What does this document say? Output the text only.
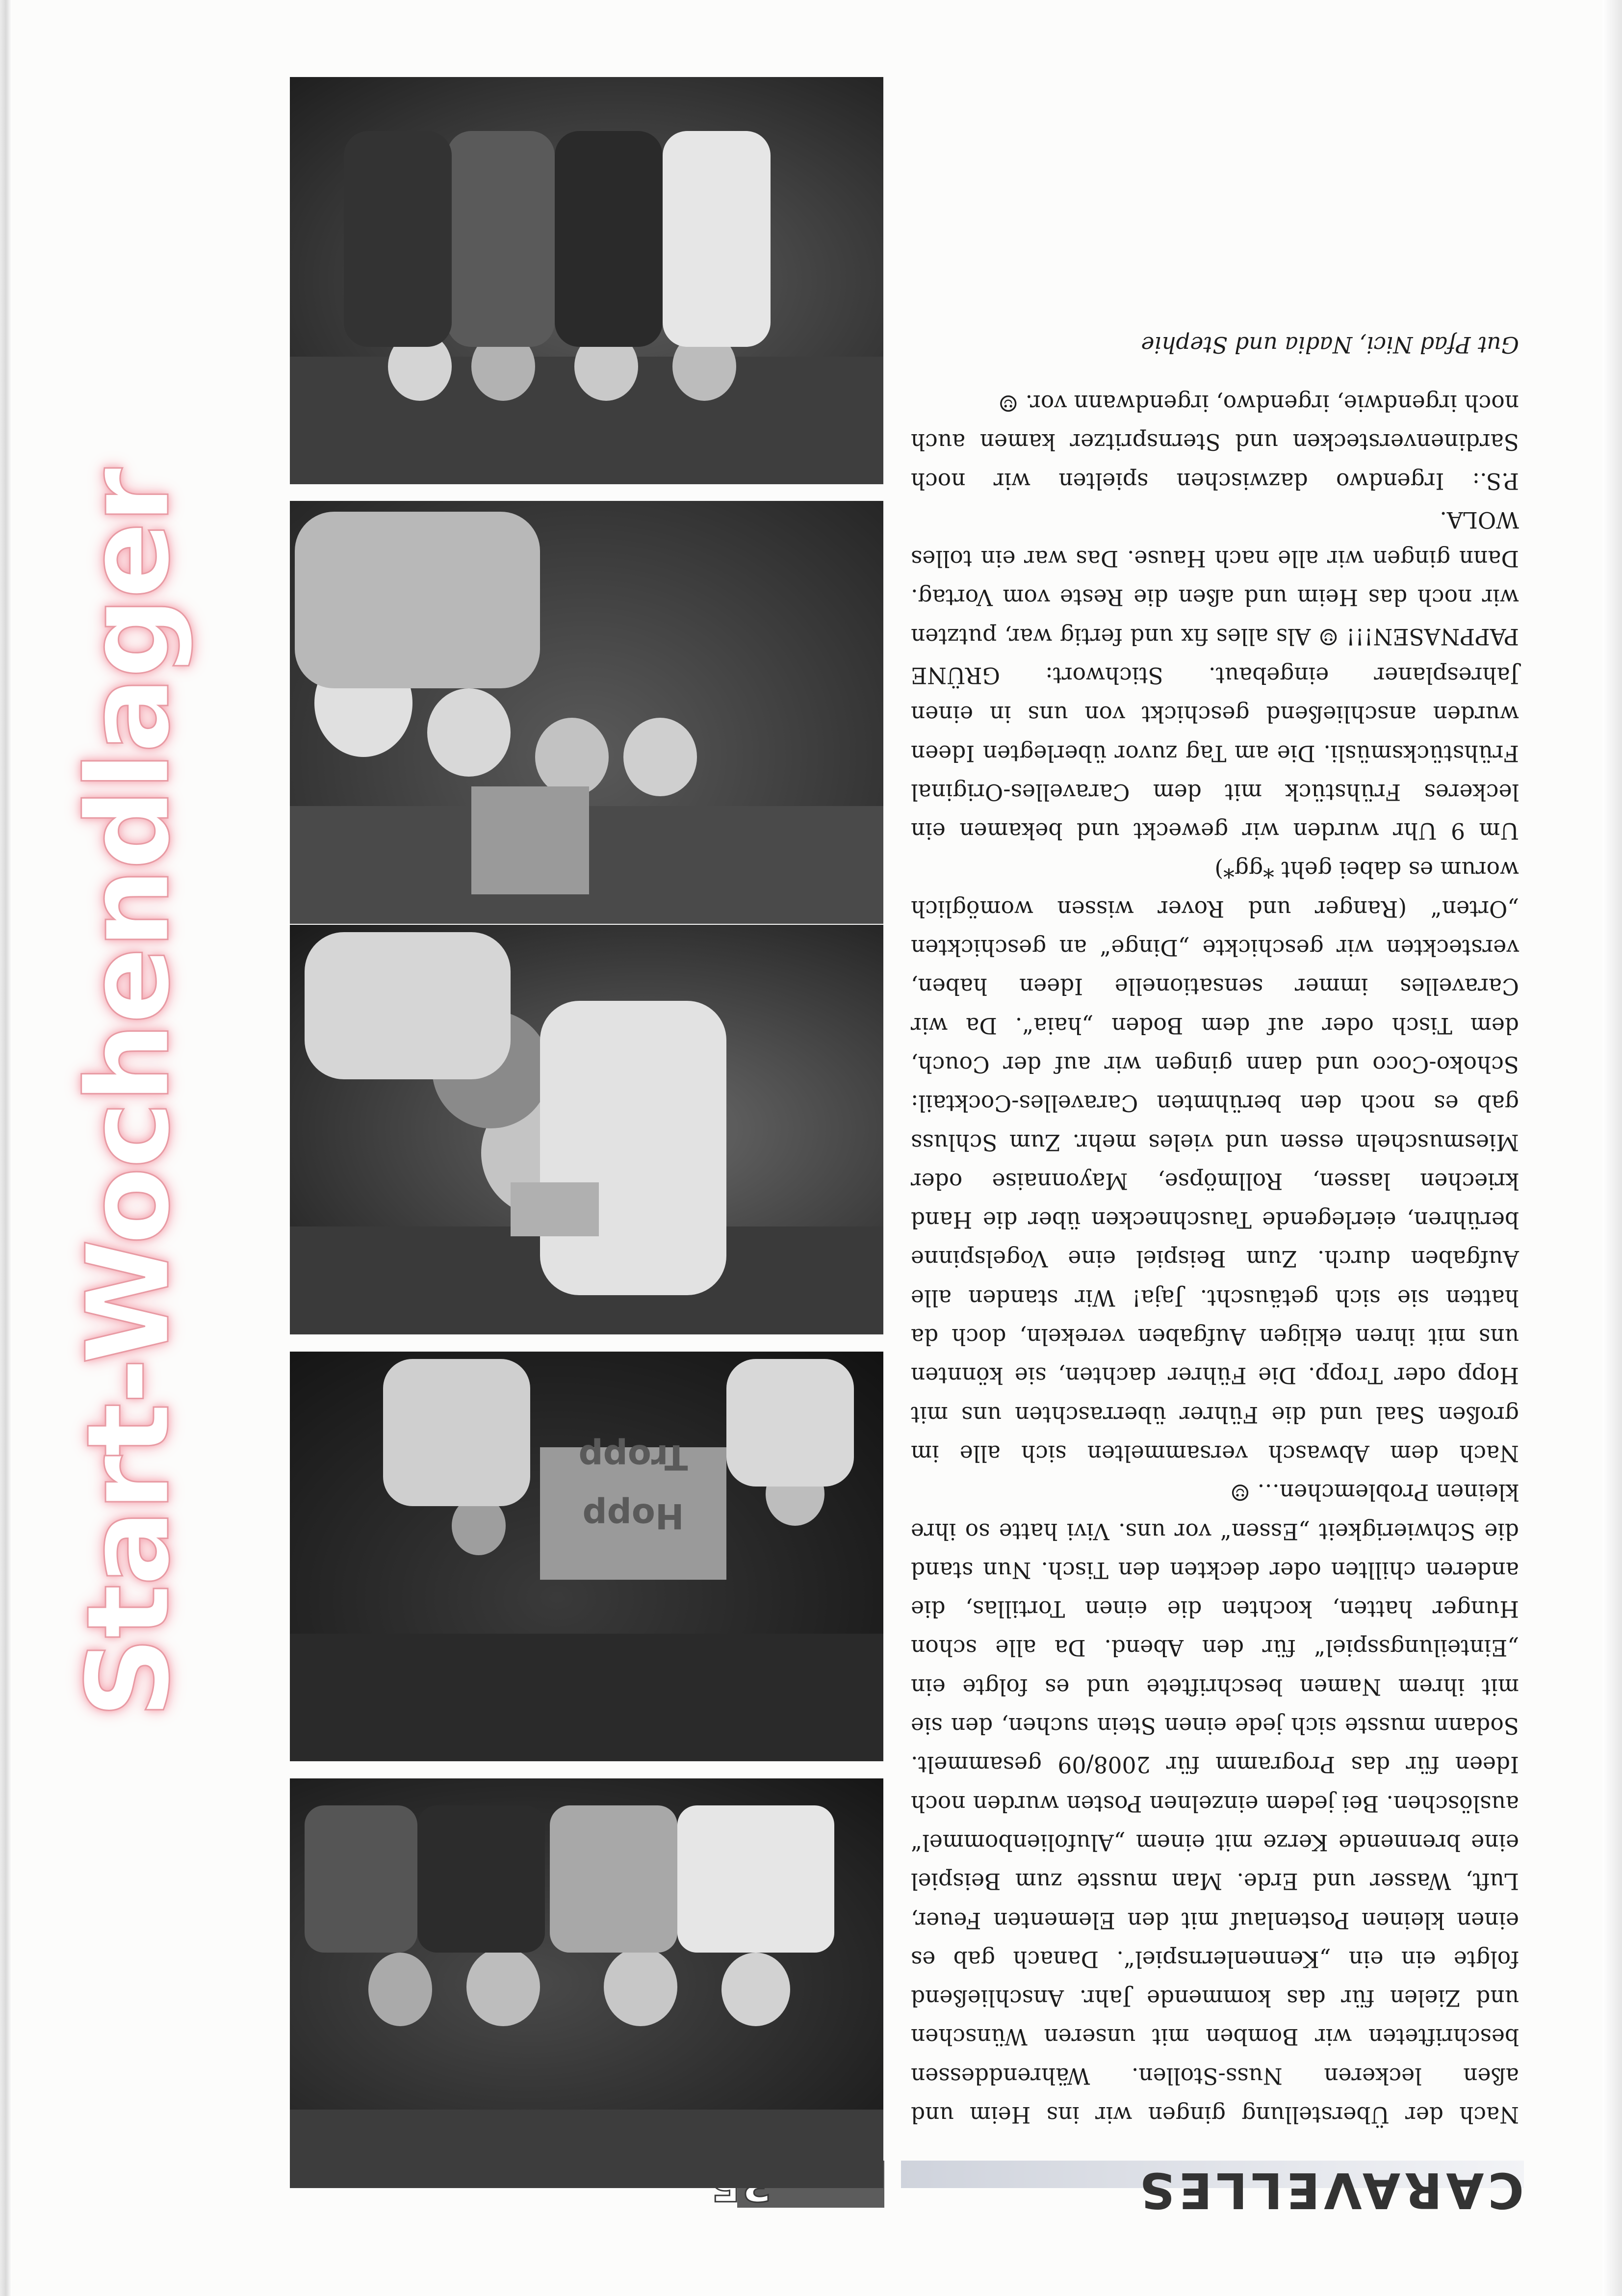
CARAVELLES
Start-Wochendlager

Nach der Überstellung gingen wir ins Heim und aßen leckeren Nuss-Stollen. Währenddessen beschrifteten wir Bomben mit unseren Wünschen und Zielen für das kommende Jahr. Anschließend folgte ein ein „Kennenlernspiel“. Danach gab es einen kleinen Postenlauf mit den Elementen Feuer, Luft, Wasser und Erde. Man musste zum Beispiel eine brennende Kerze mit einem „Alufolienbommel“ auslöschen. Bei jedem einzelnen Posten wurden noch Ideen für das Programm für 2008/09 gesammelt. Sodann musste sich jede einen Stein suchen, den sie mit ihrem Namen beschriftete und es folgte ein „Einteilungsspiel“ für den Abend. Da alle schon Hunger hatten, kochten die einen Tortillas, die anderen chillten oder deckten den Tisch. Nun stand die Schwierigkeit „Essen“ vor uns. Vivi hatte so ihre kleinen Problemchen… ☺

Nach dem Abwasch versammelten sich alle im großen Saal und die Führer überraschten uns mit Hopp oder Tropp. Die Führer dachten, sie könnten uns mit ihren ekligen Aufgaben verekeln, doch da hatten sie sich getäuscht. Jaja! Wir standen alle Aufgaben durch. Zum Beispiel eine Vogelspinne berühren, eierlegende Tauschnecken über die Hand kriechen lassen, Rollmöpse, Mayonnaise oder Miesmuscheln essen und vieles mehr. Zum Schluss gab es noch den berühmten Caravelles-Cocktail: Schoko-Coco und dann gingen wir auf der Couch, dem Tisch oder auf dem Boden „haia“. Da wir Caravelles immer sensationelle Ideen haben, versteckten wir geschickte „Dinge“ an geschickten „Orten“ (Ranger und Rover wissen womöglich worum es dabei geht *gg*)

Um 9 Uhr wurden wir geweckt und bekamen ein leckeres Frühstück mit dem Caravelles-Original Frühstücksmüsli. Die am Tag zuvor überlegten Ideen wurden anschließend geschickt von uns in einen Jahresplaner eingebaut. Stichwort: GRÜNE PAPPNASEN!!! ☺ Als alles fix und fertig war, putzten wir noch das Heim und aßen die Reste vom Vortag. Dann gingen wir alle nach Hause. Das war ein tolles WOLA.

P.S.: Irgendwo dazwischen spielten wir noch Sardinenverstecken und Sternspritzer kamen auch noch irgendwie, irgendwo, irgendwann vor. ☺

Gut Pfad Nici, Nadia und Stephie

Hopp Tropp
